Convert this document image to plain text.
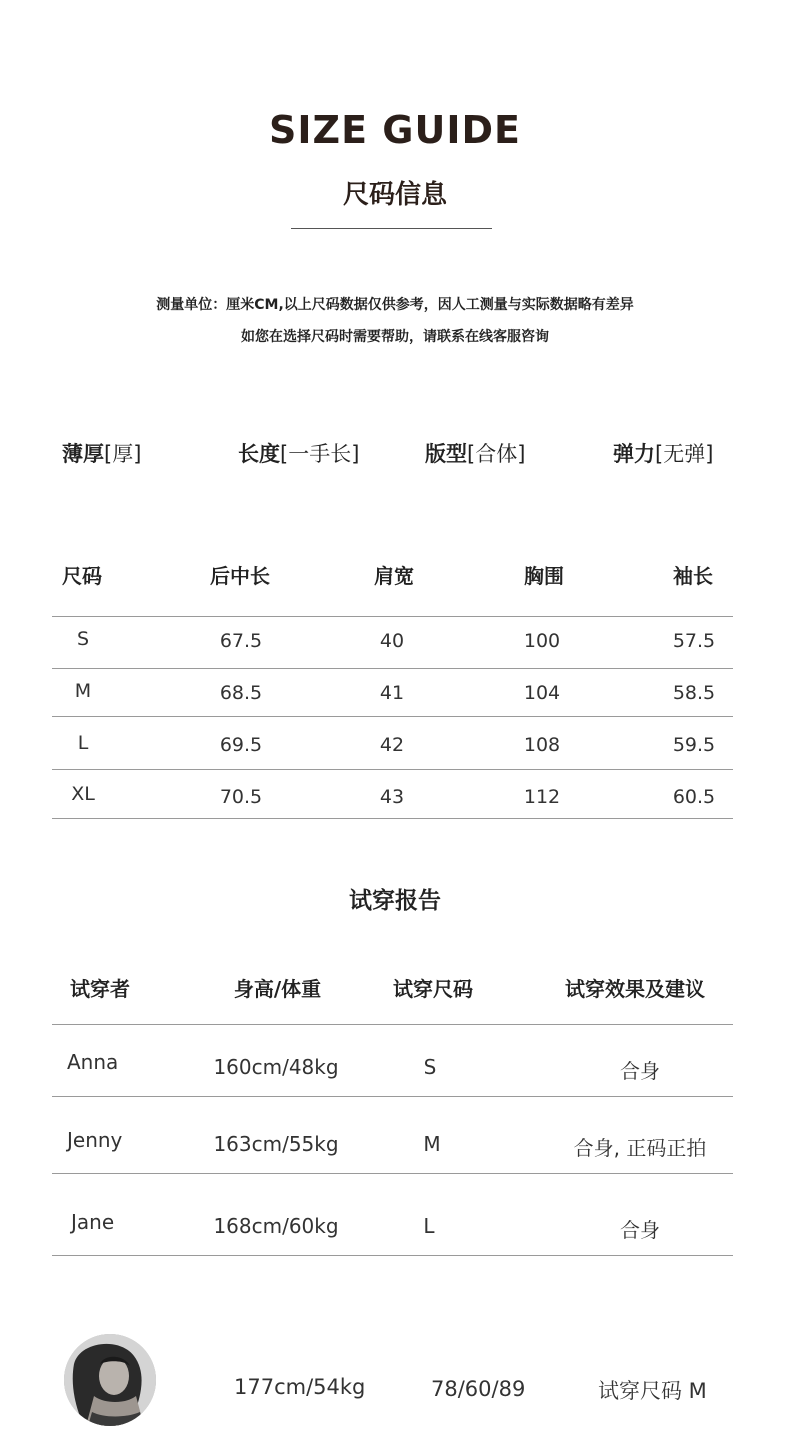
SIZE GUIDE
尺码信息
测量单位：厘米CM,以上尺码数据仅供参考，因人工测量与实际数据略有差异
如您在选择尺码时需要帮助，请联系在线客服咨询
薄厚[厚]	长度[一手长]	版型[合体]	弹力[无弹]
尺码	后中长	肩宽	胸围	袖长
S	67.5	40	100	57.5
M	68.5	41	104	58.5
L	69.5	42	108	59.5
XL	70.5	43	112	60.5
试穿报告
试穿者	身高/体重	试穿尺码	试穿效果及建议
Anna	160cm/48kg	S	合身
Jenny	163cm/55kg	M	合身, 正码正拍
Jane	168cm/60kg	L	合身
177cm/54kg	78/60/89	试穿尺码 M
